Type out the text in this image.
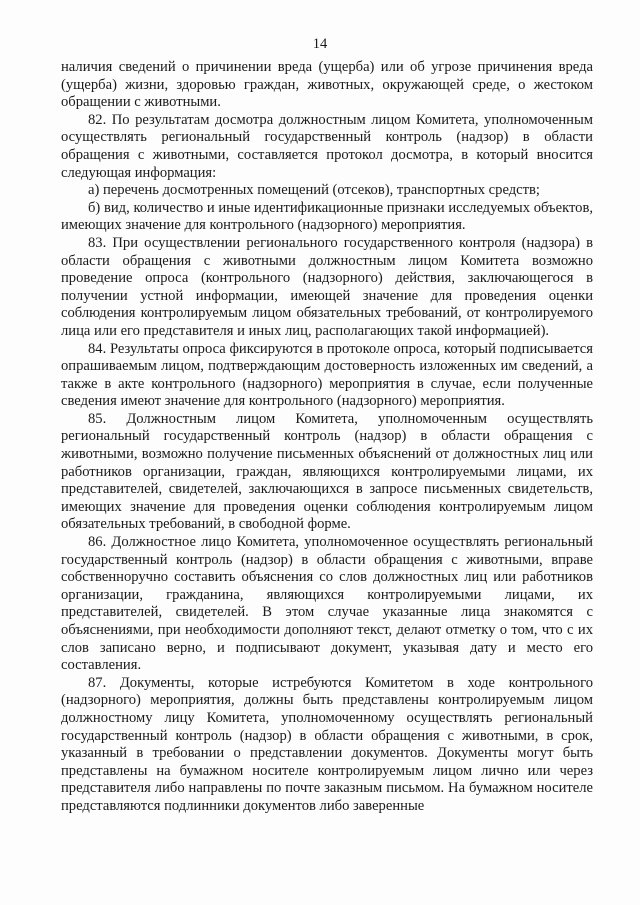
14

наличия сведений о причинении вреда (ущерба) или об угрозе причинения вреда (ущерба) жизни, здоровью граждан, животных, окружающей среде, о жестоком обращении с животными.

82. По результатам досмотра должностным лицом Комитета, уполномоченным осуществлять региональный государственный контроль (надзор) в области обращения с животными, составляется протокол досмотра, в который вносится следующая информация:

а) перечень досмотренных помещений (отсеков), транспортных средств;

б) вид, количество и иные идентификационные признаки исследуемых объектов, имеющих значение для контрольного (надзорного) мероприятия.

83. При осуществлении регионального государственного контроля (надзора) в области обращения с животными должностным лицом Комитета возможно проведение опроса (контрольного (надзорного) действия, заключающегося в получении устной информации, имеющей значение для проведения оценки соблюдения контролируемым лицом обязательных требований, от контролируемого лица или его представителя и иных лиц, располагающих такой информацией).

84. Результаты опроса фиксируются в протоколе опроса, который подписывается опрашиваемым лицом, подтверждающим достоверность изложенных им сведений, а также в акте контрольного (надзорного) мероприятия в случае, если полученные сведения имеют значение для контрольного (надзорного) мероприятия.

85. Должностным лицом Комитета, уполномоченным осуществлять региональный государственный контроль (надзор) в области обращения с животными, возможно получение письменных объяснений от должностных лиц или работников организации, граждан, являющихся контролируемыми лицами, их представителей, свидетелей, заключающихся в запросе письменных свидетельств, имеющих значение для проведения оценки соблюдения контролируемым лицом обязательных требований, в свободной форме.

86. Должностное лицо Комитета, уполномоченное осуществлять региональный государственный контроль (надзор) в области обращения с животными, вправе собственноручно составить объяснения со слов должностных лиц или работников организации, гражданина, являющихся контролируемыми лицами, их представителей, свидетелей. В этом случае указанные лица знакомятся с объяснениями, при необходимости дополняют текст, делают отметку о том, что с их слов записано верно, и подписывают документ, указывая дату и место его составления.

87. Документы, которые истребуются Комитетом в ходе контрольного (надзорного) мероприятия, должны быть представлены контролируемым лицом должностному лицу Комитета, уполномоченному осуществлять региональный государственный контроль (надзор) в области обращения с животными, в срок, указанный в требовании о представлении документов. Документы могут быть представлены на бумажном носителе контролируемым лицом лично или через представителя либо направлены по почте заказным письмом. На бумажном носителе представляются подлинники документов либо заверенные
